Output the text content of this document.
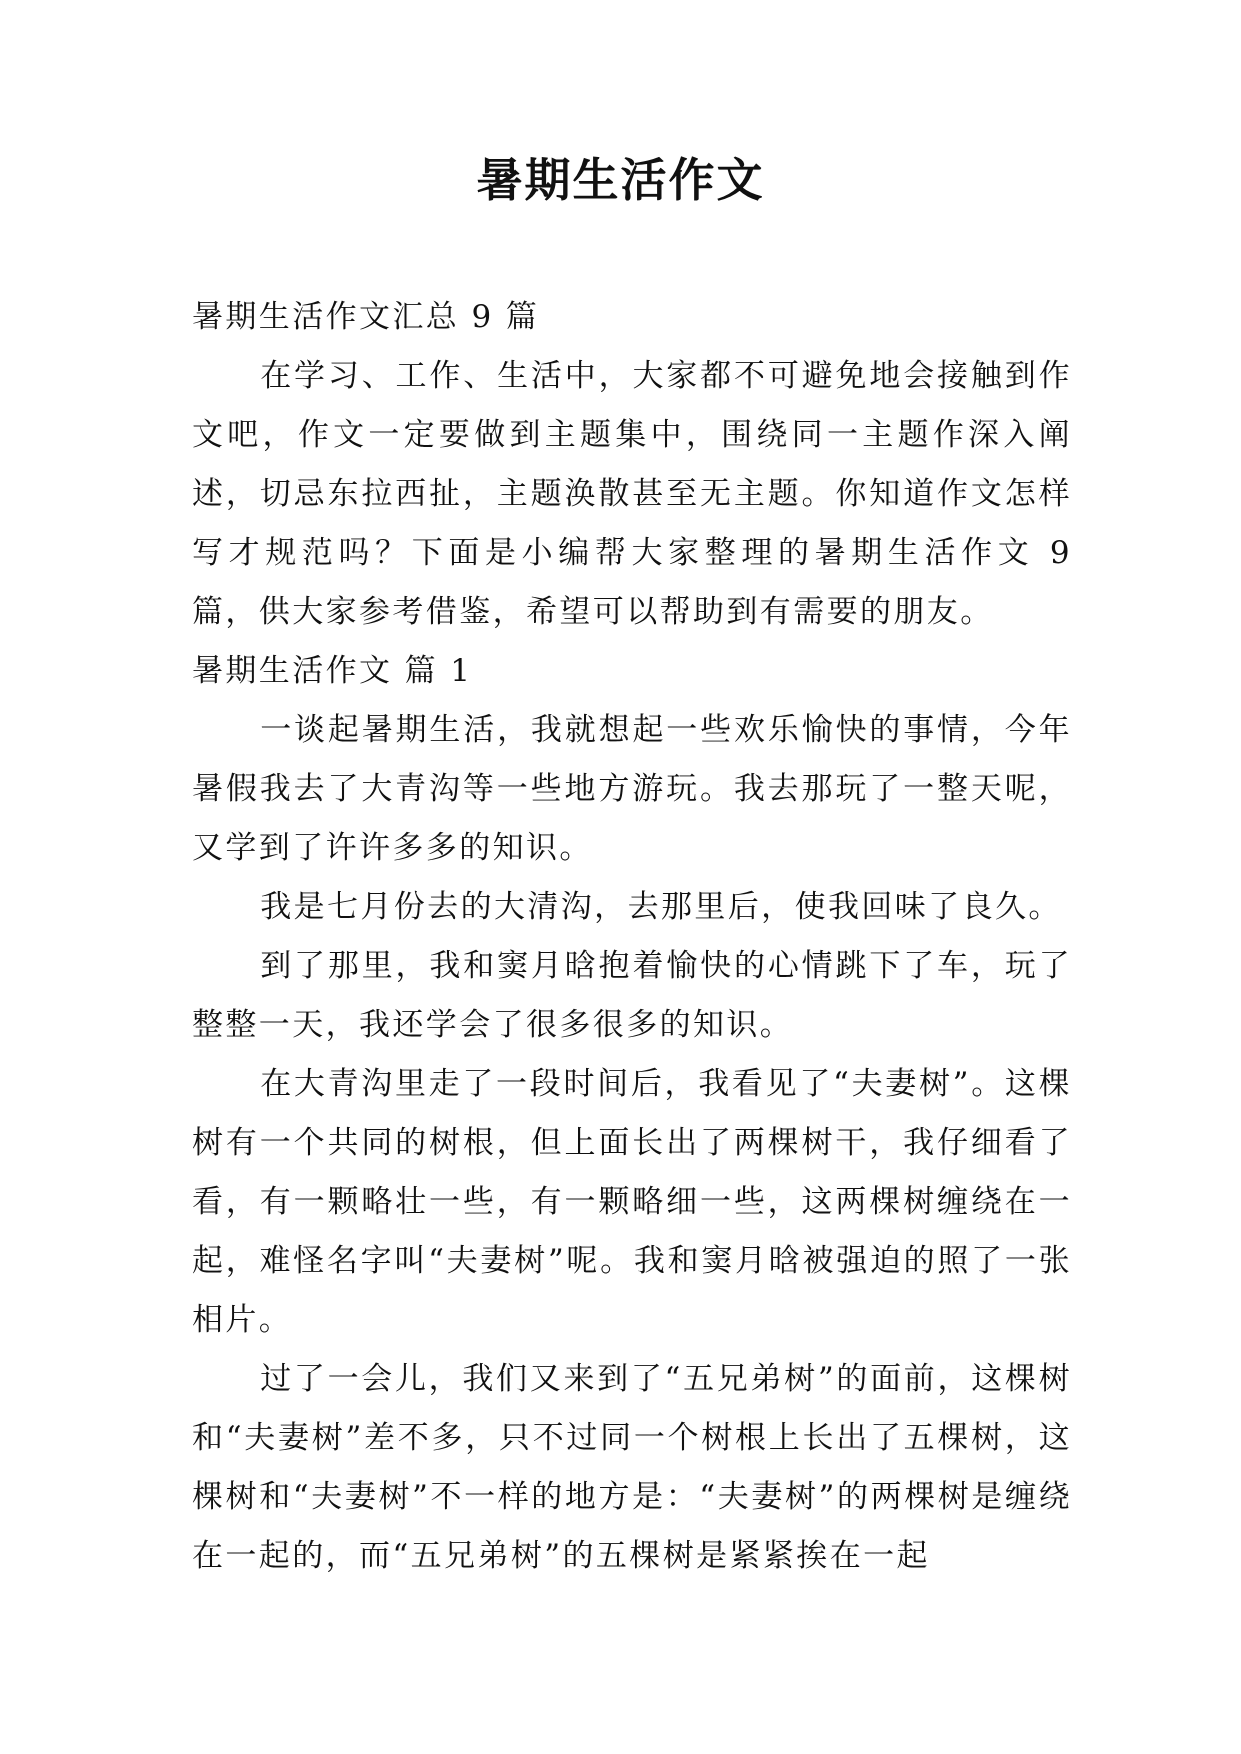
暑期生活作文

暑期生活作文汇总 9 篇

在学习、工作、生活中，大家都不可避免地会接触到作文吧，作文一定要做到主题集中，围绕同一主题作深入阐述，切忌东拉西扯，主题涣散甚至无主题。你知道作文怎样写才规范吗？下面是小编帮大家整理的暑期生活作文 9 篇，供大家参考借鉴，希望可以帮助到有需要的朋友。

暑期生活作文 篇 1

一谈起暑期生活，我就想起一些欢乐愉快的事情，今年暑假我去了大青沟等一些地方游玩。我去那玩了一整天呢，又学到了许许多多的知识。

我是七月份去的大清沟，去那里后，使我回味了良久。

到了那里，我和窦月晗抱着愉快的心情跳下了车，玩了整整一天，我还学会了很多很多的知识。

在大青沟里走了一段时间后，我看见了“夫妻树”。这棵树有一个共同的树根，但上面长出了两棵树干，我仔细看了看，有一颗略壮一些，有一颗略细一些，这两棵树缠绕在一起，难怪名字叫“夫妻树”呢。我和窦月晗被强迫的照了一张相片。

过了一会儿，我们又来到了“五兄弟树”的面前，这棵树和“夫妻树”差不多，只不过同一个树根上长出了五棵树，这棵树和“夫妻树”不一样的地方是：“夫妻树”的两棵树是缠绕在一起的，而“五兄弟树”的五棵树是紧紧挨在一起
